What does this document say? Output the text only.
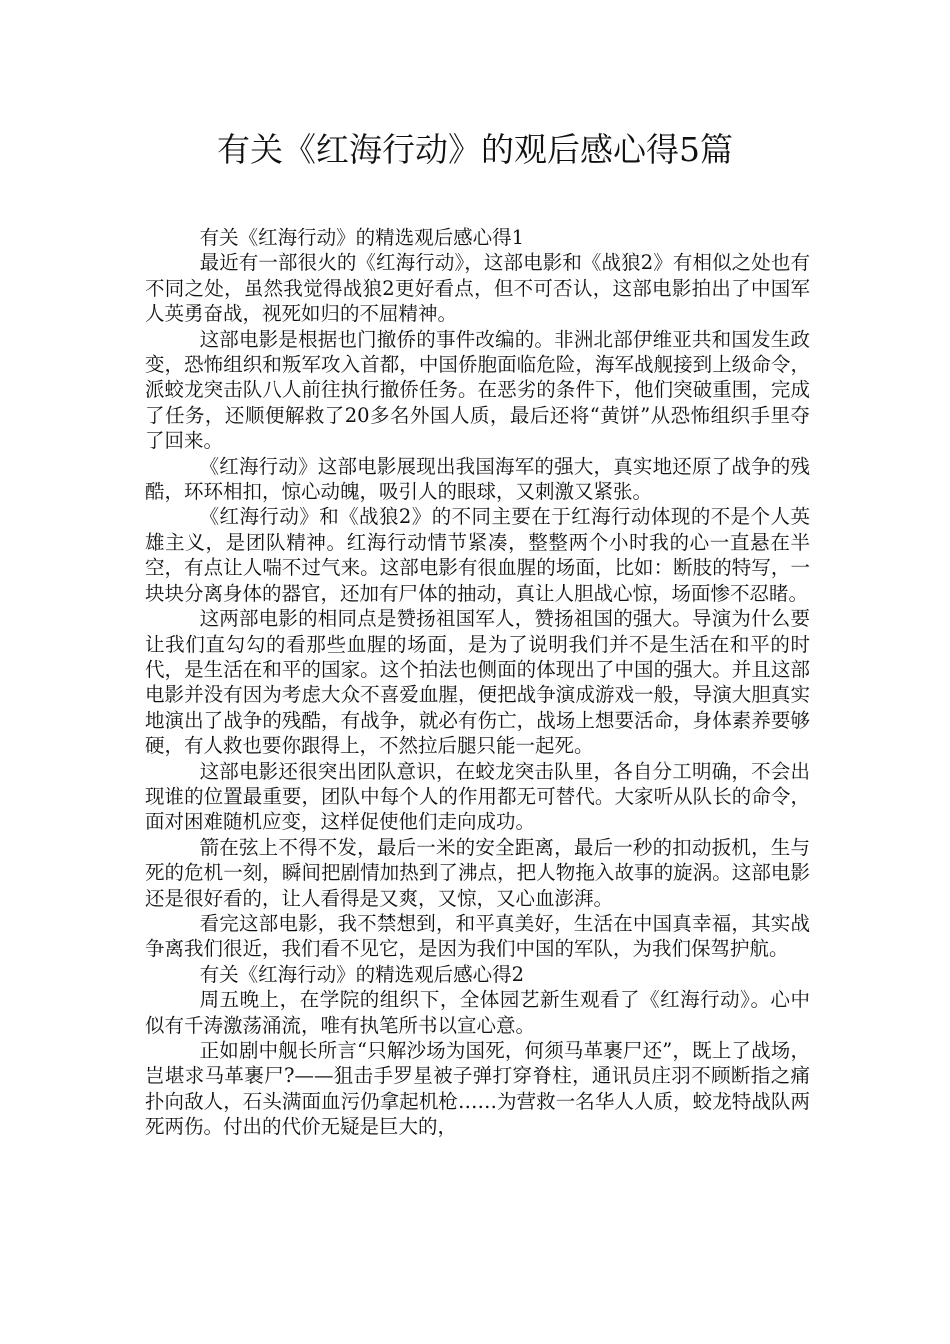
有关《红海行动》的观后感心得5篇

有关《红海行动》的精选观后感心得1

最近有一部很火的《红海行动》，这部电影和《战狼2》有相似之处也有不同之处，虽然我觉得战狼2更好看点，但不可否认，这部电影拍出了中国军人英勇奋战，视死如归的不屈精神。

这部电影是根据也门撤侨的事件改编的。非洲北部伊维亚共和国发生政变，恐怖组织和叛军攻入首都，中国侨胞面临危险，海军战舰接到上级命令，派蛟龙突击队八人前往执行撤侨任务。在恶劣的条件下，他们突破重围，完成了任务，还顺便解救了20多名外国人质，最后还将“黄饼”从恐怖组织手里夺了回来。

《红海行动》这部电影展现出我国海军的强大，真实地还原了战争的残酷，环环相扣，惊心动魄，吸引人的眼球，又刺激又紧张。

《红海行动》和《战狼2》的不同主要在于红海行动体现的不是个人英雄主义，是团队精神。红海行动情节紧凑，整整两个小时我的心一直悬在半空，有点让人喘不过气来。这部电影有很血腥的场面，比如：断肢的特写，一块块分离身体的器官，还加有尸体的抽动，真让人胆战心惊，场面惨不忍睹。

这两部电影的相同点是赞扬祖国军人，赞扬祖国的强大。导演为什么要让我们直勾勾的看那些血腥的场面，是为了说明我们并不是生活在和平的时代，是生活在和平的国家。这个拍法也侧面的体现出了中国的强大。并且这部电影并没有因为考虑大众不喜爱血腥，便把战争演成游戏一般，导演大胆真实地演出了战争的残酷，有战争，就必有伤亡，战场上想要活命，身体素养要够硬，有人救也要你跟得上，不然拉后腿只能一起死。

这部电影还很突出团队意识，在蛟龙突击队里，各自分工明确，不会出现谁的位置最重要，团队中每个人的作用都无可替代。大家听从队长的命令，面对困难随机应变，这样促使他们走向成功。

箭在弦上不得不发，最后一米的安全距离，最后一秒的扣动扳机，生与死的危机一刻，瞬间把剧情加热到了沸点，把人物拖入故事的旋涡。这部电影还是很好看的，让人看得是又爽，又惊，又心血澎湃。

看完这部电影，我不禁想到，和平真美好，生活在中国真幸福，其实战争离我们很近，我们看不见它，是因为我们中国的军队，为我们保驾护航。

有关《红海行动》的精选观后感心得2

周五晚上，在学院的组织下，全体园艺新生观看了《红海行动》。心中似有千涛激荡涌流，唯有执笔所书以宣心意。

正如剧中舰长所言“只解沙场为国死，何须马革裹尸还”，既上了战场，岂堪求马革裹尸?——狙击手罗星被子弹打穿脊柱，通讯员庄羽不顾断指之痛扑向敌人，石头满面血污仍拿起机枪……为营救一名华人人质，蛟龙特战队两死两伤。付出的代价无疑是巨大的，
